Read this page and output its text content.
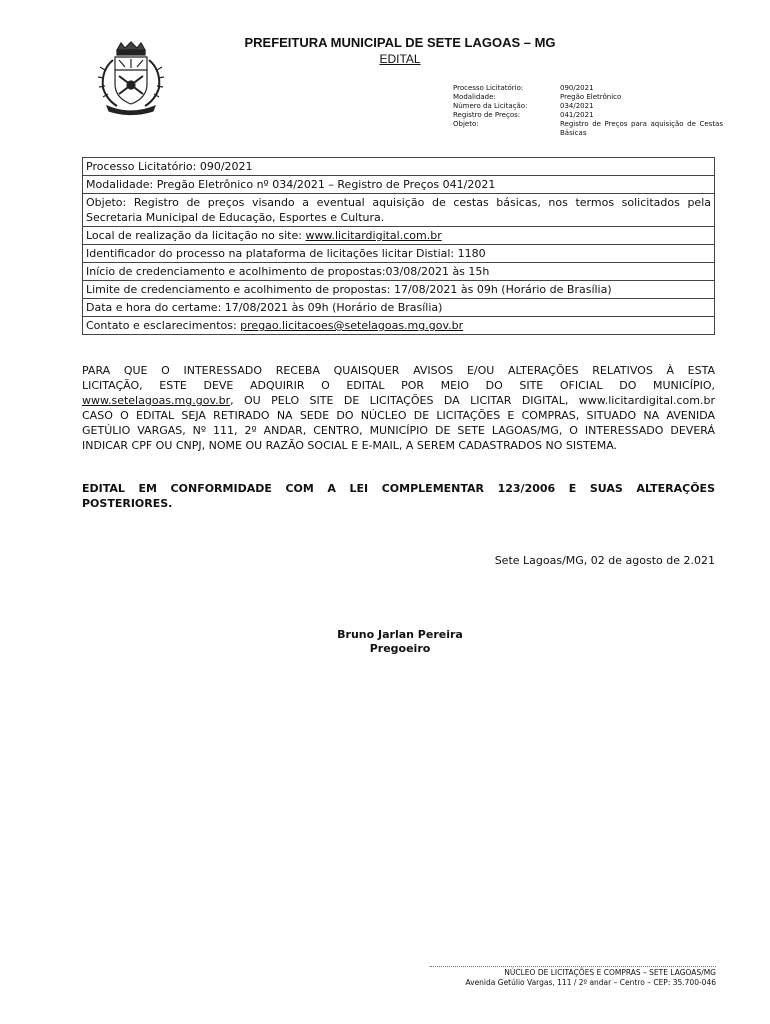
PREFEITURA MUNICIPAL DE SETE LAGOAS – MG
EDITAL
Processo Licitatório:	090/2021
Modalidade:	Pregão Eletrônico
Número da Licitação:	034/2021
Registro de Preços:	041/2021
Objeto:	Registro de Preços para aquisição de Cestas Básicas
Processo Licitatório: 090/2021
Modalidade: Pregão Eletrônico nº 034/2021 – Registro de Preços 041/2021
Objeto: Registro de preços visando a eventual aquisição de cestas básicas, nos termos solicitados pela Secretaria Municipal de Educação, Esportes e Cultura.
Local de realização da licitação no site: www.licitardigital.com.br
Identificador do processo na plataforma de licitações licitar Distial: 1180
Início de credenciamento e acolhimento de propostas:03/08/2021 às 15h
Limite de credenciamento e acolhimento de propostas: 17/08/2021 às 09h (Horário de Brasília)
Data e hora do certame: 17/08/2021 às 09h (Horário de Brasília)
Contato e esclarecimentos: pregao.licitacoes@setelagoas.mg.gov.br
PARA QUE O INTERESSADO RECEBA QUAISQUER AVISOS E/OU ALTERAÇÕES RELATIVOS À ESTA
LICITAÇÃO, ESTE DEVE ADQUIRIR O EDITAL POR MEIO DO SITE OFICIAL DO MUNICÍPIO,
www.setelagoas.mg.gov.br, OU PELO SITE DE LICITAÇÕES DA LICITAR DIGITAL, www.licitardigital.com.br
CASO O EDITAL SEJA RETIRADO NA SEDE DO NÚCLEO DE LICITAÇÕES E COMPRAS, SITUADO NA AVENIDA
GETÚLIO VARGAS, Nº 111, 2º ANDAR, CENTRO, MUNICÍPIO DE SETE LAGOAS/MG, O INTERESSADO DEVERÁ
INDICAR CPF OU CNPJ, NOME OU RAZÃO SOCIAL E E-MAIL, A SEREM CADASTRADOS NO SISTEMA.
EDITAL EM CONFORMIDADE COM A LEI COMPLEMENTAR 123/2006 E SUAS ALTERAÇÕES
POSTERIORES.
Sete Lagoas/MG, 02 de agosto de 2.021
Bruno Jarlan Pereira
Pregoeiro
NÚCLEO DE LICITAÇÕES E COMPRAS – SETE LAGOAS/MG
Avenida Getúlio Vargas, 111 / 2º andar – Centro – CEP: 35.700-046
